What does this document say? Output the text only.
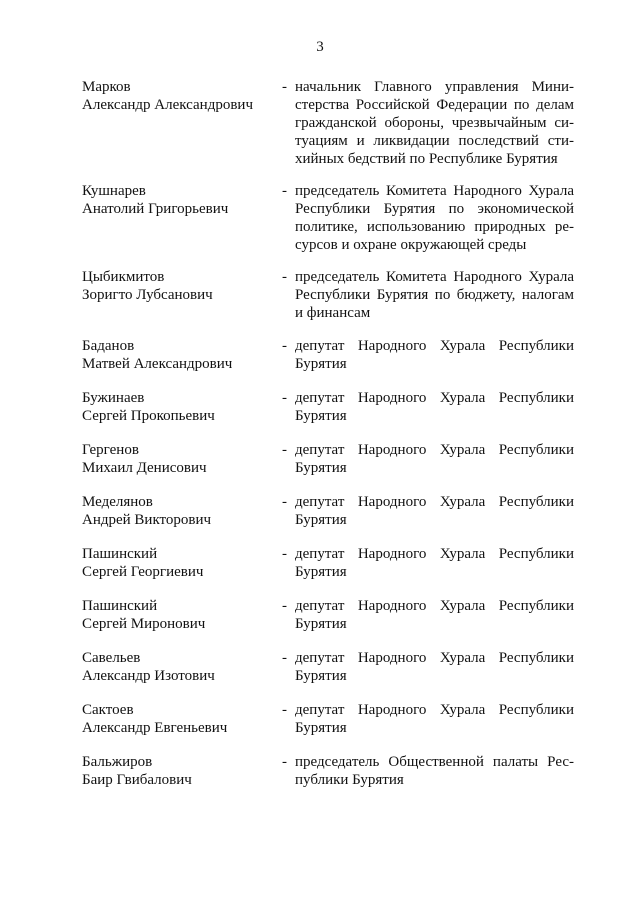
3
Марков
Александр Александрович
- начальник Главного управления Мини-
стерства Российской Федерации по делам
гражданской обороны, чрезвычайным си-
туациям и ликвидации последствий сти-
хийных бедствий по Республике Бурятия
Кушнарев
Анатолий Григорьевич
- председатель Комитета Народного Хурала
Республики Бурятия по экономической
политике, использованию природных ре-
сурсов и охране окружающей среды
Цыбикмитов
Зоригто Лубсанович
- председатель Комитета Народного Хурала
Республики Бурятия по бюджету, налогам
и финансам
Баданов
Матвей Александрович
- депутат Народного Хурала Республики
Бурятия
Бужинаев
Сергей Прокопьевич
- депутат Народного Хурала Республики
Бурятия
Гергенов
Михаил Денисович
- депутат Народного Хурала Республики
Бурятия
Меделянов
Андрей Викторович
- депутат Народного Хурала Республики
Бурятия
Пашинский
Сергей Георгиевич
- депутат Народного Хурала Республики
Бурятия
Пашинский
Сергей Миронович
- депутат Народного Хурала Республики
Бурятия
Савельев
Александр Изотович
- депутат Народного Хурала Республики
Бурятия
Сактоев
Александр Евгеньевич
- депутат Народного Хурала Республики
Бурятия
Бальжиров
Баир Гвибалович
- председатель Общественной палаты Рес-
публики Бурятия
